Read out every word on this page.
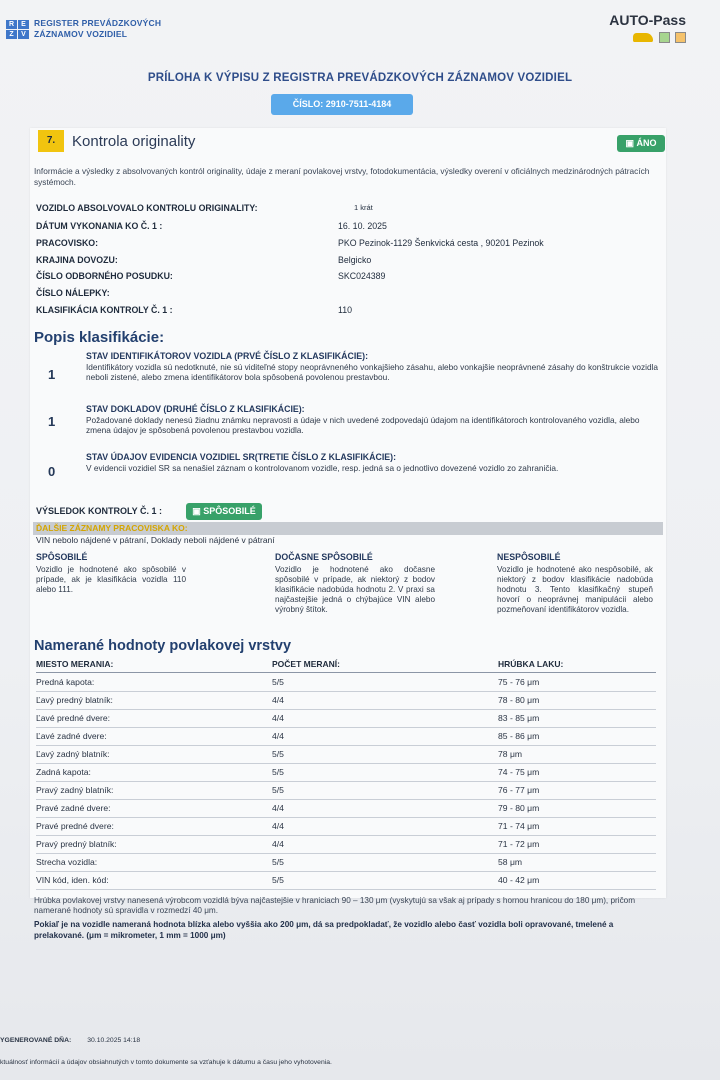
R	E
Z	V
REGISTER PREVÁDZKOVÝCH
ZÁZNAMOV VOZIDIEL
AUTO-Pass

PRÍLOHA K VÝPISU Z REGISTRA PREVÁDZKOVÝCH ZÁZNAMOV VOZIDIEL
ČÍSLO: 2910-7511-4184
7.	Kontrola originality	▣ ÁNO
Informácie a výsledky z absolvovaných kontról originality, údaje z meraní povlakovej vrstvy, fotodokumentácia, výsledky overení v oficiálnych medzinárodných pátracích systémoch.
VOZIDLO ABSOLVOVALO KONTROLU ORIGINALITY:	1 krát
DÁTUM VYKONANIA KO Č. 1 :	16. 10. 2025
PRACOVISKO:	PKO Pezinok-1129 Šenkvická cesta , 90201 Pezinok
KRAJINA DOVOZU:	Belgicko
ČÍSLO ODBORNÉHO POSUDKU:	SKC024389
ČÍSLO NÁLEPKY:
KLASIFIKÁCIA KONTROLY Č. 1 :	110
Popis klasifikácie:
1
STAV IDENTIFIKÁTOROV VOZIDLA (PRVÉ ČÍSLO Z KLASIFIKÁCIE):
Identifikátory vozidla sú nedotknuté, nie sú viditeľné stopy neoprávneného vonkajšieho zásahu, alebo vonkajšie neoprávnené zásahy do konštrukcie vozidla neboli zistené, alebo zmena identifikátorov bola spôsobená povolenou prestavbou.
1
STAV DOKLADOV (DRUHÉ ČÍSLO Z KLASIFIKÁCIE):
Požadované doklady nenesú žiadnu známku nepravosti a údaje v nich uvedené zodpovedajú údajom na identifikátoroch kontrolovaného vozidla, alebo zmena údajov je spôsobená povolenou prestavbou vozidla.
0
STAV ÚDAJOV EVIDENCIA VOZIDIEL SR(TRETIE ČÍSLO Z KLASIFIKÁCIE):
V evidencii vozidiel SR sa nenašiel záznam o kontrolovanom vozidle, resp. jedná sa o jednotlivo dovezené vozidlo zo zahraničia.
VÝSLEDOK KONTROLY Č. 1 :	▣ SPÔSOBILÉ
ĎALŠIE ZÁZNAMY PRACOVISKA KO:
VIN nebolo nájdené v pátraní, Doklady neboli nájdené v pátraní
SPÔSOBILÉ
Vozidlo je hodnotené ako spôsobilé v prípade, ak je klasifikácia vozidla 110 alebo 111.
DOČASNE SPÔSOBILÉ
Vozidlo je hodnotené ako dočasne spôsobilé v prípade, ak niektorý z bodov klasifikácie nadobúda hodnotu 2. V praxi sa najčastejšie jedná o chýbajúce VIN alebo výrobný štítok.
NESPÔSOBILÉ
Vozidlo je hodnotené ako nespôsobilé, ak niektorý z bodov klasifikácie nadobúda hodnotu 3. Tento klasifikačný stupeň hovorí o neoprávnej manipulácii alebo pozmeňovaní identifikátorov vozidla.
Namerané hodnoty povlakovej vrstvy
MIESTO MERANIA:	POČET MERANÍ:	HRÚBKA LAKU:
Predná kapota:	5/5	75 - 76 μm
Ľavý predný blatník:	4/4	78 - 80 μm
Ľavé predné dvere:	4/4	83 - 85 μm
Ľavé zadné dvere:	4/4	85 - 86 μm
Ľavý zadný blatník:	5/5	78 μm
Zadná kapota:	5/5	74 - 75 μm
Pravý zadný blatník:	5/5	76 - 77 μm
Pravé zadné dvere:	4/4	79 - 80 μm
Pravé predné dvere:	4/4	71 - 74 μm
Pravý predný blatník:	4/4	71 - 72 μm
Strecha vozidla:	5/5	58 μm
VIN kód, iden. kód:	5/5	40 - 42 μm
Hrúbka povlakovej vrstvy nanesená výrobcom vozidlá býva najčastejšie v hraniciach 90 – 130 μm (vyskytujú sa však aj prípady s hornou hranicou do 180 μm), pričom namerané hodnoty sú spravidla v rozmedzí 40 μm.
Pokiaľ je na vozidle nameraná hodnota blízka alebo vyššia ako 200 μm, dá sa predpokladať, že vozidlo alebo časť vozidla boli opravované, tmelené a prelakované. (μm = mikrometer, 1 mm = 1000 μm)
YGENEROVANÉ DŇA: 30.10.2025 14:18
ktuálnosť informácií a údajov obsiahnutých v tomto dokumente sa vzťahuje k dátumu a času jeho vyhotovenia.
